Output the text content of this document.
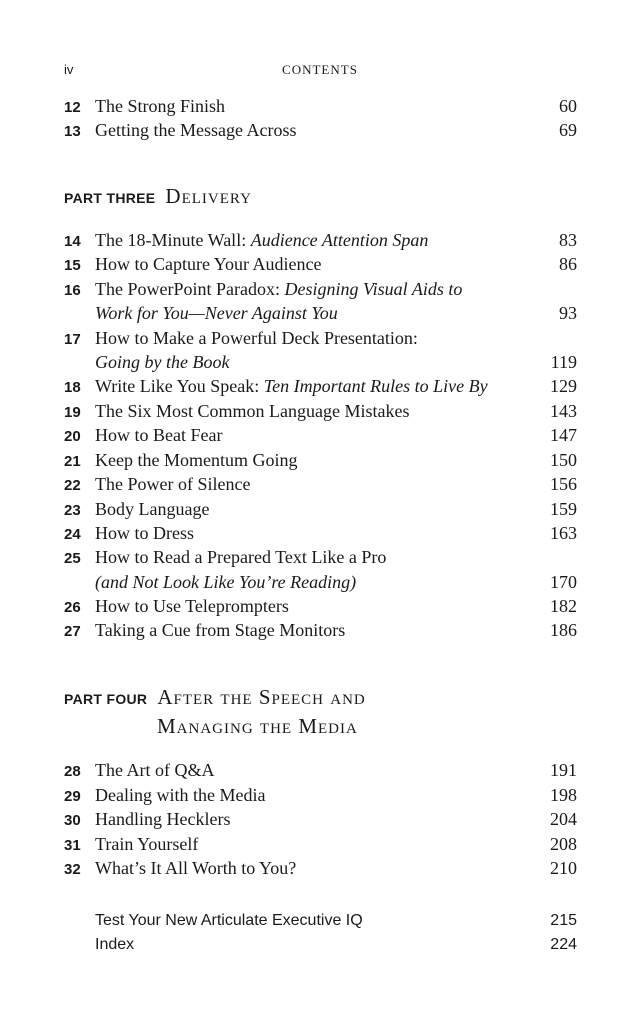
iv	CONTENTS
12 The Strong Finish	60
13 Getting the Message Across	69
PART THREE Delivery
14 The 18-Minute Wall: Audience Attention Span	83
15 How to Capture Your Audience	86
16 The PowerPoint Paradox: Designing Visual Aids to
Work for You—Never Against You	93
17 How to Make a Powerful Deck Presentation:
Going by the Book	119
18 Write Like You Speak: Ten Important Rules to Live By	129
19 The Six Most Common Language Mistakes	143
20 How to Beat Fear	147
21 Keep the Momentum Going	150
22 The Power of Silence	156
23 Body Language	159
24 How to Dress	163
25 How to Read a Prepared Text Like a Pro
(and Not Look Like You’re Reading)	170
26 How to Use Teleprompters	182
27 Taking a Cue from Stage Monitors	186
PART FOUR After the Speech and
Managing the Media
28 The Art of Q&A	191
29 Dealing with the Media	198
30 Handling Hecklers	204
31 Train Yourself	208
32 What’s It All Worth to You?	210
Test Your New Articulate Executive IQ	215
Index	224
